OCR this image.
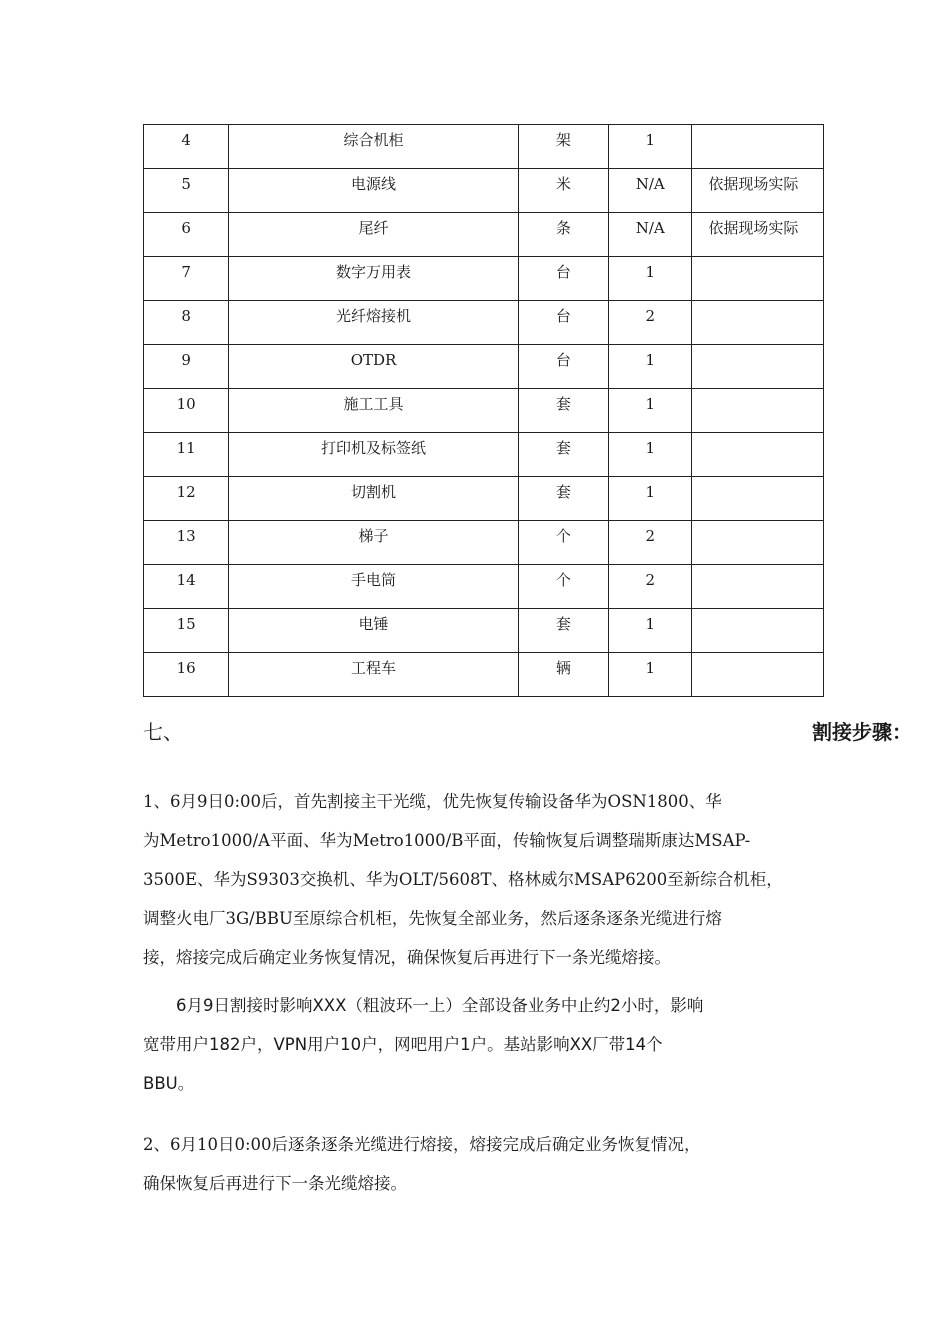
4	综合机柜	架	1	
5	电源线	米	N/A	依据现场实际
6	尾纤	条	N/A	依据现场实际
7	数字万用表	台	1	
8	光纤熔接机	台	2	
9	OTDR	台	1	
10	施工工具	套	1	
11	打印机及标签纸	套	1	
12	切割机	套	1	
13	梯子	个	2	
14	手电筒	个	2	
15	电锤	套	1	
16	工程车	辆	1	
七、	割接步骤：

1、6月9日0:00后，首先割接主干光缆，优先恢复传输设备华为OSN1800、华
为Metro1000/A平面、华为Metro1000/B平面，传输恢复后调整瑞斯康达MSAP-
3500E、华为S9303交换机、华为OLT/5608T、格林威尔MSAP6200至新综合机柜，
调整火电厂3G/BBU至原综合机柜，先恢复全部业务，然后逐条逐条光缆进行熔
接，熔接完成后确定业务恢复情况，确保恢复后再进行下一条光缆熔接。

　　6月9日割接时影响XXX（粗波环一上）全部设备业务中止约2小时，影响
宽带用户182户，VPN用户10户，网吧用户1户。基站影响XX厂带14个
BBU。

2、6月10日0:00后逐条逐条光缆进行熔接，熔接完成后确定业务恢复情况，
确保恢复后再进行下一条光缆熔接。
